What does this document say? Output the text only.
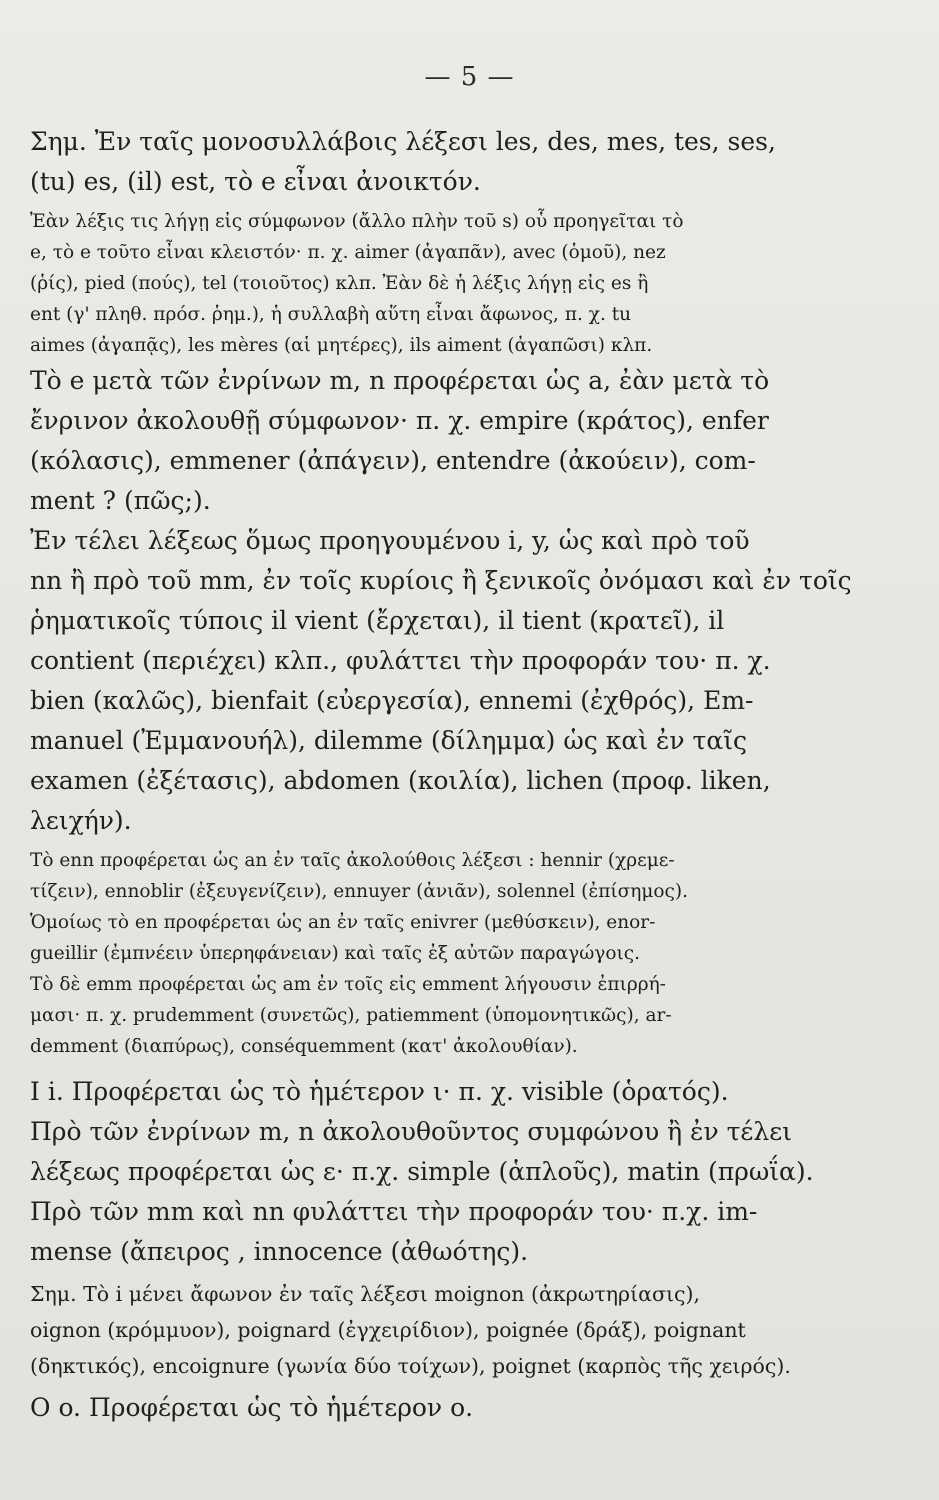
— 5 —
Σημ. Ἐν ταῖς μονοσυλλάβοις λέξεσι les, des, mes, tes, ses,
(tu) es, (il) est, τὸ e εἶναι ἀνοικτόν.
Ἐὰν λέξις τις λήγῃ εἰς σύμφωνον (ἄλλο πλὴν τοῦ s) οὗ προηγεῖται τὸ
e, τὸ e τοῦτο εἶναι κλειστόν· π. χ. aimer (ἀγαπᾶν), avec (ὁμοῦ), nez
(ῥίς), pied (πούς), tel (τοιοῦτος) κλπ. Ἐὰν δὲ ἡ λέξις λήγῃ εἰς es ἢ
ent (γ' πληθ. πρόσ. ῥημ.), ἡ συλλαβὴ αὕτη εἶναι ἄφωνος, π. χ. tu
aimes (ἀγαπᾷς), les mères (αἱ μητέρες), ils aiment (ἀγαπῶσι) κλπ.
Τὸ e μετὰ τῶν ἐνρίνων m, n προφέρεται ὡς a, ἐὰν μετὰ τὸ
ἔνρινον ἀκολουθῇ σύμφωνον· π. χ. empire (κράτος), enfer
(κόλασις), emmener (ἀπάγειν), entendre (ἀκούειν), com-
ment ? (πῶς;).
Ἐν τέλει λέξεως ὅμως προηγουμένου i, y, ὡς καὶ πρὸ τοῦ
nn ἢ πρὸ τοῦ mm, ἐν τοῖς κυρίοις ἢ ξενικοῖς ὀνόμασι καὶ ἐν τοῖς
ῥηματικοῖς τύποις il vient (ἔρχεται), il tient (κρατεῖ), il
contient (περιέχει) κλπ., φυλάττει τὴν προφοράν του· π. χ.
bien (καλῶς), bienfait (εὐεργεσία), ennemi (ἐχθρός), Em-
manuel (Ἐμμανουήλ), dilemme (δίλημμα) ὡς καὶ ἐν ταῖς
examen (ἐξέτασις), abdomen (κοιλία), lichen (προφ. liken,
λειχήν).
Τὸ enn προφέρεται ὡς an ἐν ταῖς ἀκολούθοις λέξεσι : hennir (χρεμε-
τίζειν), ennoblir (ἐξευγενίζειν), ennuyer (ἀνιᾶν), solennel (ἐπίσημος).
Ὁμοίως τὸ en προφέρεται ὡς an ἐν ταῖς enivrer (μεθύσκειν), enor-
gueillir (ἐμπνέειν ὑπερηφάνειαν) καὶ ταῖς ἐξ αὐτῶν παραγώγοις.
Τὸ δὲ emm προφέρεται ὡς am ἐν τοῖς εἰς emment λήγουσιν ἐπιρρή-
μασι· π. χ. prudemment (συνετῶς), patiemment (ὑπομονητικῶς), ar-
demment (διαπύρως), conséquemment (κατ' ἀκολουθίαν).
I i. Προφέρεται ὡς τὸ ἡμέτερον ι· π. χ. visible (ὁρατός).
Πρὸ τῶν ἐνρίνων m, n ἀκολουθοῦντος συμφώνου ἢ ἐν τέλει
λέξεως προφέρεται ὡς ε· π.χ. simple (ἁπλοῦς), matin (πρωΐα).
Πρὸ τῶν mm καὶ nn φυλάττει τὴν προφοράν του· π.χ. im-
mense (ἄπειρος , innocence (ἀθωότης).
Σημ. Τὸ i μένει ἄφωνον ἐν ταῖς λέξεσι moignon (ἀκρωτηρίασις),
oignon (κρόμμυον), poignard (ἐγχειρίδιον), poignée (δράξ), poignant
(δηκτικός), encoignure (γωνία δύο τοίχων), poignet (καρπὸς τῆς χειρός).
O o. Προφέρεται ὡς τὸ ἡμέτερον ο.
